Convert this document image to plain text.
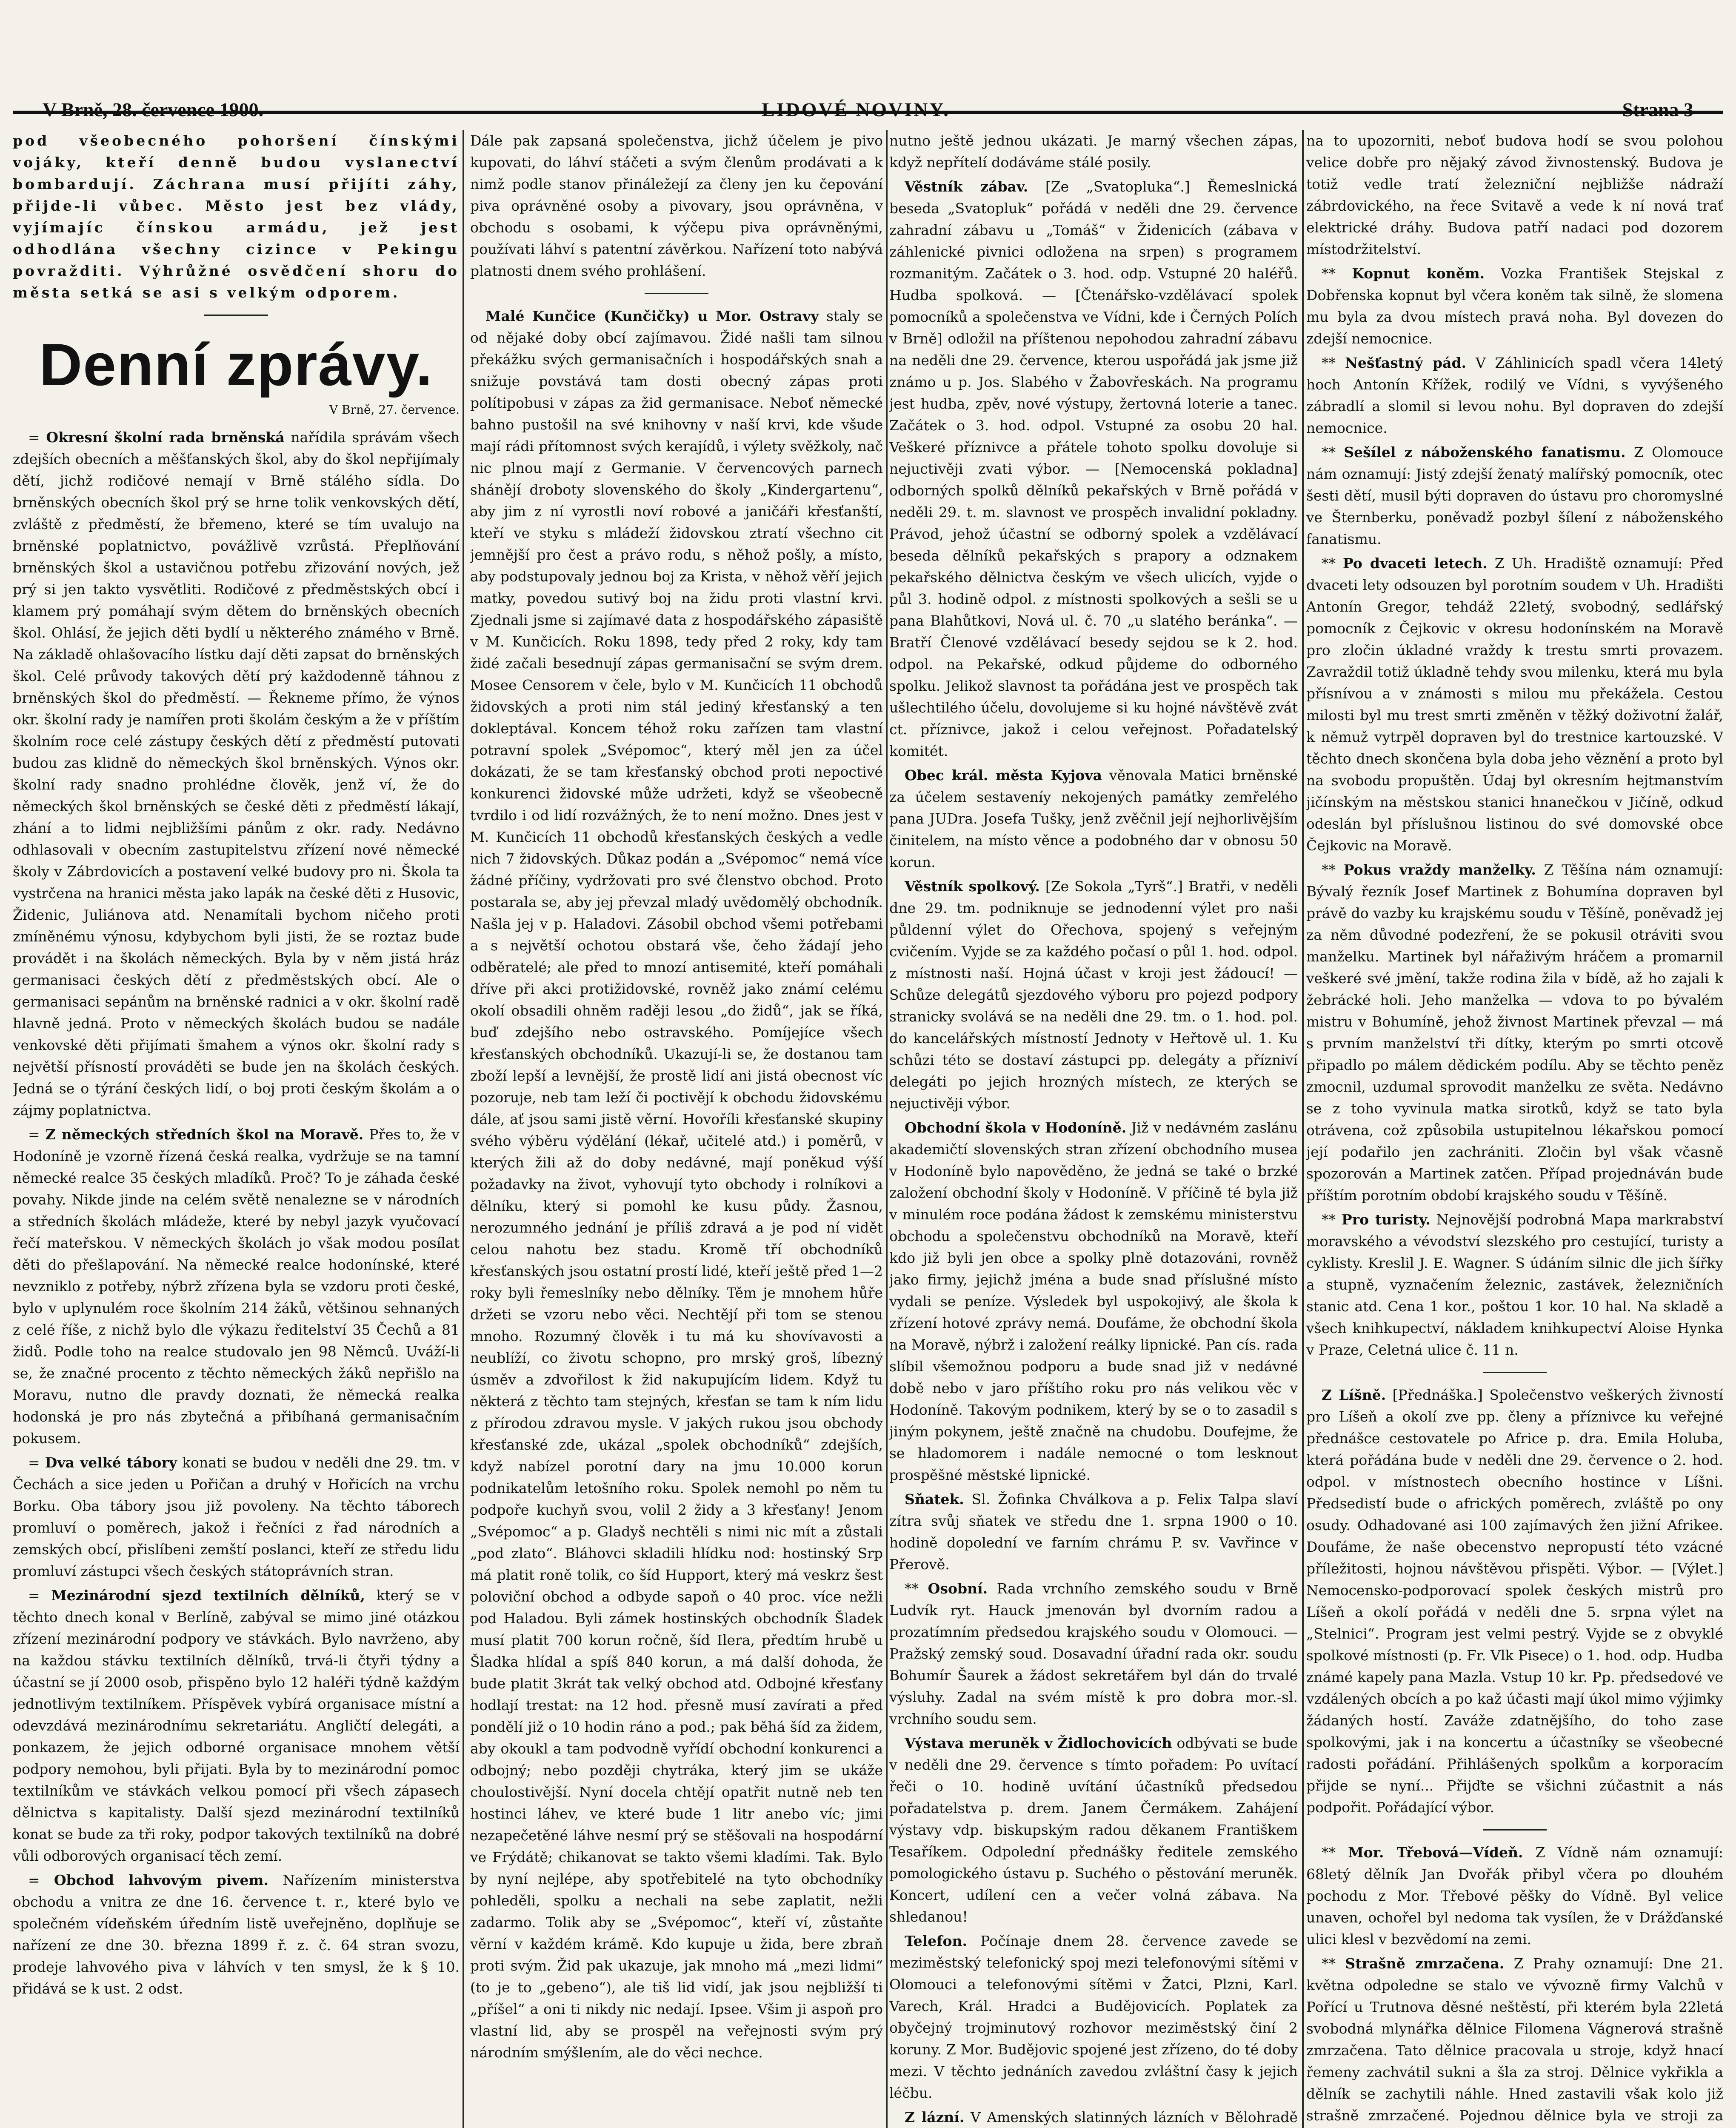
V Brně, 28. července 1900.	LIDOVÉ NOVINY.	Strana 3

pod všeobecného pohoršení čínskými vojáky, kteří denně budou vyslanectví bombardují. Záchrana musí přijíti záhy, přijde-li vůbec. Město jest bez vlády, vyjímajíc čínskou armádu, jež jest odhodlána všechny cizince v Pekingu povražditi. Výhrůžné osvědčení shoru do města setká se asi s velkým odporem.

Denní zprávy.
V Brně, 27. července.

= Okresní školní rada brněnská nařídila správám všech zdejších obecních a měšťanských škol, aby do škol nepřijímaly dětí, jichž rodičové nemají v Brně stálého sídla. Do brněnských obecních škol prý se hrne tolik venkovských dětí, zvláště z předměstí, že břemeno, které se tím uvalujo na brněnské poplatnictvo, povážlivě vzrůstá. Přeplňování brněnských škol a ustavičnou potřebu zřizování nových, jež prý si jen takto vysvětliti. Rodičové z předměstských obcí i klamem prý pomáhají svým dětem do brněnských obecních škol. Ohlásí, že jejich děti bydlí u některého známého v Brně. Na základě ohlašovacího lístku dají děti zapsat do brněnských škol. Celé průvody takových dětí prý každodenně táhnou z brněnských škol do předměstí. — Řekneme přímo, že výnos okr. školní rady je namířen proti školám českým a že v příštím školním roce celé zástupy českých dětí z předměstí putovati budou zas klidně do německých škol brněnských. Výnos okr. školní rady snadno prohlédne člověk, jenž ví, že do německých škol brněnských se české děti z předměstí lákají, zhání a to lidmi nejbližšími pánům z okr. rady. Nedávno odhlasovali v obecním zastupitelstvu zřízení nové německé školy v Zábrdovicích a postavení velké budovy pro ni. Škola ta vystrčena na hranici města jako lapák na české děti z Husovic, Židenic, Juliánova atd. Nenamítali bychom ničeho proti zmíněnému výnosu, kdybychom byli jisti, že se roztaz bude provádět i na školách německých. Byla by v něm jistá hráz germanisaci českých dětí z předměstských obcí. Ale o germanisaci sepánům na brněnské radnici a v okr. školní radě hlavně jedná. Proto v německých školách budou se nadále venkovské děti přijímati šmahem a výnos okr. školní rady s největší přísností prováděti se bude jen na školách českých. Jedná se o týrání českých lidí, o boj proti českým školám a o zájmy poplatnictva.

= Z německých středních škol na Moravě. Přes to, že v Hodoníně je vzorně řízená česká realka, vydržuje se na tamní německé realce 35 českých mladíků. Proč? To je záhada české povahy. Nikde jinde na celém světě nenalezne se v národních a středních školách mládeže, které by nebyl jazyk vyučovací řečí mateřskou. V německých školách jo však modou posílat děti do přešlapování. Na německé realce hodonínské, které nevzniklo z potřeby, nýbrž zřízena byla se vzdoru proti české, bylo v uplynulém roce školním 214 žáků, většinou sehnaných z celé říše, z nichž bylo dle výkazu ředitelství 35 Čechů a 81 židů. Podle toho na realce studovalo jen 98 Němců. Uváží-li se, že značné procento z těchto německých žáků nepřišlo na Moravu, nutno dle pravdy doznati, že německá realka hodonská je pro nás zbytečná a přibíhaná germanisačním pokusem.

= Dva velké tábory konati se budou v neděli dne 29. tm. v Čechách a sice jeden u Pořičan a druhý v Hořicích na vrchu Borku. Oba tábory jsou již povoleny. Na těchto táborech promluví o poměrech, jakož i řečníci z řad národních a zemských obcí, přislíbeni zemští poslanci, kteří ze středu lidu promluví zástupci všech českých státoprávních stran.

= Mezinárodní sjezd textilních dělníků, který se v těchto dnech konal v Berlíně, zabýval se mimo jiné otázkou zřízení mezinárodní podpory ve stávkách. Bylo navrženo, aby na každou stávku textilních dělníků, trvá-li čtyři týdny a účastní se jí 2000 osob, přispěno bylo 12 haléři týdně každým jednotlivým textilníkem. Příspěvek vybírá organisace místní a odevzdává mezinárodnímu sekretariátu. Angličtí delegáti, a ponkazem, že jejich odborné organisace mnohem větší podpory nemohou, byli přijati. Byla by to mezinárodní pomoc textilníkům ve stávkách velkou pomocí při všech zápasech dělnictva s kapitalisty. Další sjezd mezinárodní textilníků konat se bude za tři roky, podpor takových textilníků na dobré vůli odborových organisací těch zemí.

= Obchod lahvovým pivem. Nařízením ministerstva obchodu a vnitra ze dne 16. července t. r., které bylo ve společném vídeňském úředním listě uveřejněno, doplňuje se nařízení ze dne 30. března 1899 ř. z. č. 64 stran svozu, prodeje lahvového piva v láhvích v ten smysl, že k § 10. přidává se k ust. 2 odst.

Dále pak zapsaná společenstva, jichž účelem je pivo kupovati, do láhví stáčeti a svým členům prodávati a k nimž podle stanov přináležejí za členy jen ku čepování piva oprávněné osoby a pivovary, jsou oprávněna, v obchodu s osobami, k výčepu piva oprávněnými, používati láhví s patentní závěrkou. Nařízení toto nabývá platnosti dnem svého prohlášení.

Malé Kunčice (Kunčičky) u Mor. Ostravy staly se od nějaké doby obcí zajímavou. Židé našli tam silnou překážku svých germanisačních i hospodářských snah a snižuje povstává tam dosti obecný zápas proti polítipobusi v zápas za žid germanisace. Neboť německé bahno pustošil na své knihovny v naší krvi, kde všude mají rádi přítomnost svých kerajídů, i výlety svěžkoly, nač nic plnou mají z Germanie. V červencových parnech shánějí droboty slovenského do školy „Kindergartenu“, aby jim z ní vyrostli noví robové a janičáři křesťanští, kteří ve styku s mládeží židovskou ztratí všechno cit jemnější pro čest a právo rodu, s něhož pošly, a místo, aby podstupovaly jednou boj za Krista, v něhož věří jejich matky, povedou sutivý boj na židu proti vlastní krvi. Zjednali jsme si zajímavé data z hospodářského zápasiště v M. Kunčicích. Roku 1898, tedy před 2 roky, kdy tam židé začali besednují zápas germanisační se svým drem. Mosee Censorem v čele, bylo v M. Kunčicích 11 obchodů židovských a proti nim stál jediný křesťanský a ten dokleptával. Koncem téhož roku zařízen tam vlastní potravní spolek „Svépomoc“, který měl jen za účel dokázati, že se tam křesťanský obchod proti nepoctivé konkurenci židovské může udržeti, když se všeobecně tvrdilo i od lidí rozvážných, že to není možno. Dnes jest v M. Kunčicích 11 obchodů křesťanských českých a vedle nich 7 židovských. Důkaz podán a „Svépomoc“ nemá více žádné příčiny, vydržovati pro své členstvo obchod. Proto postarala se, aby jej převzal mladý uvědomělý obchodník. Našla jej v p. Haladovi. Zásobil obchod všemi potřebami a s největší ochotou obstará vše, čeho žádají jeho odběratelé; ale před to mnozí antisemité, kteří pomáhali dříve při akci protižidovské, rovněž jako známí celému okolí obsadili ohněm raději lesou „do židů“, jak se říká, buď zdejšího nebo ostravského. Pomíjejíce všech křesťanských obchodníků. Ukazují-li se, že dostanou tam zboží lepší a levnější, že prostě lidí ani jistá obecnost víc pozoruje, neb tam leží či poctivějí k obchodu židovskému dále, ať jsou sami jistě věrní. Hovoříli křesťanské skupiny svého výběru výdělání (lékař, učitelé atd.) i poměrů, v kterých žili až do doby nedávné, mají poněkud výší požadavky na život, vyhovují tyto obchody i rolníkovi a dělníku, který si pomohl ke kusu půdy. Žasnou, nerozumného jednání je příliš zdravá a je pod ní vidět celou nahotu bez stadu. Kromě tří obchodníků křesťanských jsou ostatní prostí lidé, kteří ještě před 1—2 roky byli řemeslníky nebo dělníky. Těm je mnohem hůře držeti se vzoru nebo věci. Nechtějí při tom se stenou mnoho. Rozumný člověk i tu má ku shovívavosti a neublíží, co životu schopno, pro mrský groš, líbezný úsměv a zdvořilost k žid nakupujícím lidem. Když tu některá z těchto tam stejných, křesťan se tam k ním lidu z přírodou zdravou mysle. V jakých rukou jsou obchody křesťanské zde, ukázal „spolek obchodníků“ zdejších, když nabízel porotní dary na jmu 10.000 korun podnikatelům letošního roku. Spolek nemohl po něm tu podpoře kuchyň svou, volil 2 židy a 3 křesťany! Jenom „Svépomoc“ a p. Gladyš nechtěli s nimi nic mít a zůstali „pod zlato“. Bláhovci skladili hlídku nod: hostinský Srp má platit roně tolik, co šíd Hupport, který má veskrz šest poloviční obchod a odbyde sapoň o 40 proc. více nežli pod Haladou. Byli zámek hostinských obchodník Šladek musí platit 700 korun ročně, šíd Ilera, předtím hrubě u Šladka hlídal a spíš 840 korun, a má další dohoda, že bude platit 3krát tak velký obchod atd. Odbojné křesťany hodlají trestat: na 12 hod. přesně musí zavírati a před pondělí již o 10 hodin ráno a pod.; pak běhá šíd za židem, aby okoukl a tam podvodně vyřídí obchodní konkurenci a odbojný; nebo později chytráka, který jim se ukáže choulostivější. Nyní docela chtějí opatřit nutně neb ten hostinci láhev, ve které bude 1 litr anebo víc; jimi nezapečetěné láhve nesmí prý se stěšovali na hospodární ve Frýdátě; chikanovat se takto všemi kladími. Tak. Bylo by nyní nejlépe, aby spotřebitelé na tyto obchodníky pohleděli, spolku a nechali na sebe zaplatit, nežli zadarmo. Tolik aby se „Svépomoc“, kteří ví, zůstaňte věrní v každém krámě. Kdo kupuje u žida, bere zbraň proti svým. Žid pak ukazuje, jak mnoho má „mezi lidmi“ (to je to „gebeno“), ale tiš lid vidí, jak jsou nejbližší ti „příšel“ a oni ti nikdy nic nedají. Ipsee. Všim ji aspoň pro vlastní lid, aby se prospěl na veřejnosti svým prý národním smýšlením, ale do věci nechce.

nutno ještě jednou ukázati. Je marný všechen zápas, když nepřítelí dodáváme stálé posily.

Věstník zábav. [Ze „Svatopluka“.] Řemeslnická beseda „Svatopluk“ pořádá v neděli dne 29. července zahradní zábavu u „Tomáš“ v Židenicích (zábava v záhlenické pivnici odložena na srpen) s programem rozmanitým. Začátek o 3. hod. odp. Vstupné 20 haléřů. Hudba spolková. — [Čtenářsko-vzdělávací spolek pomocníků a společenstva ve Vídni, kde i Černých Polích v Brně] odložil na příštenou nepohodou zahradní zábavu na neděli dne 29. července, kterou uspořádá jak jsme již známo u p. Jos. Slabého v Žabovřeskách. Na programu jest hudba, zpěv, nové výstupy, žertovná loterie a tanec. Začátek o 3. hod. odpol. Vstupné za osobu 20 hal. Veškeré příznivce a přátele tohoto spolku dovoluje si nejuctivěji zvati výbor. — [Nemocenská pokladna] odborných spolků dělníků pekařských v Brně pořádá v neděli 29. t. m. slavnost ve prospěch invalidní pokladny. Právod, jehož účastní se odborný spolek a vzdělávací beseda dělníků pekařských s prapory a odznakem pekařského dělnictva českým ve všech ulicích, vyjde o půl 3. hodině odpol. z místnosti spolkových a sešli se u pana Blahůtkovi, Nová ul. č. 70 „u slatého beránka“. — Bratří Členové vzdělávací besedy sejdou se k 2. hod. odpol. na Pekařské, odkud půjdeme do odborného spolku. Jelikož slavnost ta pořádána jest ve prospěch tak ušlechtilého účelu, dovolujeme si ku hojné návštěvě zvát ct. příznivce, jakož i celou veřejnost. Pořadatelský komitét.

Obec král. města Kyjova věnovala Matici brněnské za účelem sestaveníy nekojených památky zemřelého pana JUDra. Josefa Tušky, jenž zvěčnil její nejhorlivějším činitelem, na místo věnce a podobného dar v obnosu 50 korun.

Věstník spolkový. [Ze Sokola „Tyrš“.] Bratři, v neděli dne 29. tm. podniknuje se jednodenní výlet pro naši půldenní výlet do Ořechova, spojený s veřejným cvičením. Vyjde se za každého počasí o půl 1. hod. odpol. z místnosti naší. Hojná účast v kroji jest žádoucí! — Schůze delegátů sjezdového výboru pro pojezd podpory stranicky svolává se na neděli dne 29. tm. o 1. hod. pol. do kancelářských místností Jednoty v Heřtově ul. 1. Ku schůzi této se dostaví zástupci pp. delegáty a přízniví delegáti po jejich hrozných místech, ze kterých se nejuctivěji výbor.

Obchodní škola v Hodoníně. Již v nedávném zaslánu akademičtí slovenských stran zřízení obchodního musea v Hodoníně bylo napověděno, že jedná se také o brzké založení obchodní školy v Hodoníně. V příčině té byla již v minulém roce podána žádost k zemskému ministerstvu obchodu a společenstvu obchodníků na Moravě, kteří kdo již byli jen obce a spolky plně dotazováni, rovněž jako firmy, jejichž jména a bude snad příslušné místo vydali se peníze. Výsledek byl uspokojivý, ale škola k zřízení hotové zprávy nemá. Doufáme, že obchodní škola na Moravě, nýbrž i založení reálky lipnické. Pan cís. rada slíbil všemožnou podporu a bude snad již v nedávné době nebo v jaro příštího roku pro nás velikou věc v Hodoníně. Takovým podnikem, který by se o to zasadil s jiným pokynem, ještě značně na chudobu. Doufejme, že se hladomorem i nadále nemocné o tom lesknout prospěšné městské lipnické.

Sňatek. Sl. Žofinka Chválkova a p. Felix Talpa slaví zítra svůj sňatek ve středu dne 1. srpna 1900 o 10. hodině dopolední ve farním chrámu P. sv. Vavřince v Přerově.

** Osobní. Rada vrchního zemského soudu v Brně Ludvík ryt. Hauck jmenován byl dvorním radou a prozatímním předsedou krajského soudu v Olomouci. — Pražský zemský soud. Dosavadní úřadní rada okr. soudu Bohumír Šaurek a žádost sekretářem byl dán do trvalé výsluhy. Zadal na svém místě k pro dobra mor.-sl. vrchního soudu sem.

Výstava meruněk v Židlochovicích odbývati se bude v neděli dne 29. července s tímto pořadem: Po uvítací řeči o 10. hodině uvítání účastníků předsedou pořadatelstva p. drem. Janem Čermákem. Zahájení výstavy vdp. biskupským radou děkanem Františkem Tesaříkem. Odpolední přednášky ředitele zemského pomologického ústavu p. Suchého o pěstování meruněk. Koncert, udílení cen a večer volná zábava. Na shledanou!

Telefon. Počínaje dnem 28. července zavede se meziměstský telefonický spoj mezi telefonovými sítěmi v Olomouci a telefonovými sítěmi v Žatci, Plzni, Karl. Varech, Král. Hradci a Budějovicích. Poplatek za obyčejný trojminutový rozhovor meziměstský činí 2 koruny. Z Mor. Budějovic spojené jest zřízeno, do té doby mezi. V těchto jednáních zavedou zvláštní časy k jejich léčbu.

Z lázní. V Amenských slatinných lázních v Bělohradě

na to upozorniti, neboť budova hodí se svou polohou velice dobře pro nějaký závod živnostenský. Budova je totiž vedle tratí železniční nejbližše nádraží zábrdovického, na řece Svitavě a vede k ní nová trať elektrické dráhy. Budova patří nadaci pod dozorem místodržitelství.

** Kopnut koněm. Vozka František Stejskal z Dobřenska kopnut byl včera koněm tak silně, že slomena mu byla za dvou místech pravá noha. Byl dovezen do zdejší nemocnice.

** Nešťastný pád. V Záhlinicích spadl včera 14letý hoch Antonín Křížek, rodilý ve Vídni, s vyvýšeného zábradlí a slomil si levou nohu. Byl dopraven do zdejší nemocnice.

** Sešílel z náboženského fanatismu. Z Olomouce nám oznamují: Jistý zdejší ženatý malířský pomocník, otec šesti dětí, musil býti dopraven do ústavu pro choromyslné ve Šternberku, poněvadž pozbyl šílení z náboženského fanatismu.

** Po dvaceti letech. Z Uh. Hradiště oznamují: Před dvaceti lety odsouzen byl porotním soudem v Uh. Hradišti Antonín Gregor, tehdáž 22letý, svobodný, sedlářský pomocník z Čejkovic v okresu hodonínském na Moravě pro zločin úkladné vraždy k trestu smrti provazem. Zavraždil totiž úkladně tehdy svou milenku, která mu byla přísnívou a v známosti s milou mu překážela. Cestou milosti byl mu trest smrti změněn v těžký doživotní žalář, k němuž vytrpěl dopraven byl do trestnice kartouzské. V těchto dnech skončena byla doba jeho věznění a proto byl na svobodu propuštěn. Údaj byl okresním hejtmanstvím jičínským na městskou stanici hnanečkou v Jičíně, odkud odeslán byl příslušnou listinou do své domovské obce Čejkovic na Moravě.

** Pokus vraždy manželky. Z Těšína nám oznamují: Bývalý řezník Josef Martinek z Bohumína dopraven byl právě do vazby ku krajskému soudu v Těšíně, poněvadž jej za něm důvodné podezření, že se pokusil otráviti svou manželku. Martinek byl nářaživým hráčem a promarnil veškeré své jmění, takže rodina žila v bídě, až ho zajali k žebrácké holi. Jeho manželka — vdova to po bývalém mistru v Bohumíně, jehož živnost Martinek převzal — má s prvním manželství tři dítky, kterým po smrti otcově připadlo po málem dědickém podílu. Aby se těchto peněz zmocnil, uzdumal sprovodit manželku ze světa. Nedávno se z toho vyvinula matka sirotků, když se tato byla otrávena, což způsobila ustupitelnou lékařskou pomocí její podařilo jen zachrániti. Zločin byl však včasně spozorován a Martinek zatčen. Případ projednáván bude příštím porotním období krajského soudu v Těšíně.

** Pro turisty. Nejnovější podrobná Mapa markrabství moravského a vévodství slezského pro cestující, turisty a cyklisty. Kreslil J. E. Wagner. S údáním silnic dle jich šířky a stupně, vyznačením železnic, zastávek, železničních stanic atd. Cena 1 kor., poštou 1 kor. 10 hal. Na skladě a všech knihkupectví, nákladem knihkupectví Aloise Hynka v Praze, Celetná ulice č. 11 n.

Z Líšně. [Přednáška.] Společenstvo veškerých živností pro Líšeň a okolí zve pp. členy a příznivce ku veřejné přednášce cestovatele po Africe p. dra. Emila Holuba, která pořádána bude v neděli dne 29. července o 2. hod. odpol. v místnostech obecního hostince v Líšni. Předsedistí bude o afrických poměrech, zvláště po ony osudy. Odhadované asi 100 zajímavých žen jižní Afrikee. Doufáme, že naše obecenstvo nepropustí této vzácné příležitosti, hojnou návštěvou přispěti. Výbor. — [Výlet.] Nemocensko-podporovací spolek českých mistrů pro Líšeň a okolí pořádá v neděli dne 5. srpna výlet na „Stelnici“. Program jest velmi pestrý. Vyjde se z obvyklé spolkové místnosti (p. Fr. Vlk Pisece) o 1. hod. odp. Hudba známé kapely pana Mazla. Vstup 10 kr. Pp. předsedové ve vzdálených obcích a po kaž účasti mají úkol mimo výjimky žádaných hostí. Zaváže zdatnějšího, do toho zase spolkovými, jak i na koncertu a účastníky se všeobecné radosti pořádání. Přihlášených spolkům a korporacím přijde se nyní... Přijďte se všichni zúčastnit a nás podpořit. Pořádající výbor.

** Mor. Třebová—Vídeň. Z Vídně nám oznamují: 68letý dělník Jan Dvořák přibyl včera po dlouhém pochodu z Mor. Třebové pěšky do Vídně. Byl velice unaven, ochořel byl nedoma tak vysílen, že v Drážďanské ulici klesl v bezvědomí na zemi.

** Strašně zmrzačena. Z Prahy oznamují: Dne 21. května odpoledne se stalo ve vývozně firmy Valchů v Pořící u Trutnova děsné neštěstí, při kterém byla 22letá svobodná mlynářka dělnice Filomena Vágnerová strašně zmrzačena. Tato dělnice pracovala u stroje, když hnací řemeny zachvátil sukni a šla za stroj. Dělnice vykřikla a dělník se zachytili náhle. Hned zastavili však kolo již strašně zmrzačené. Pojednou dělnice byla ve stroji za
